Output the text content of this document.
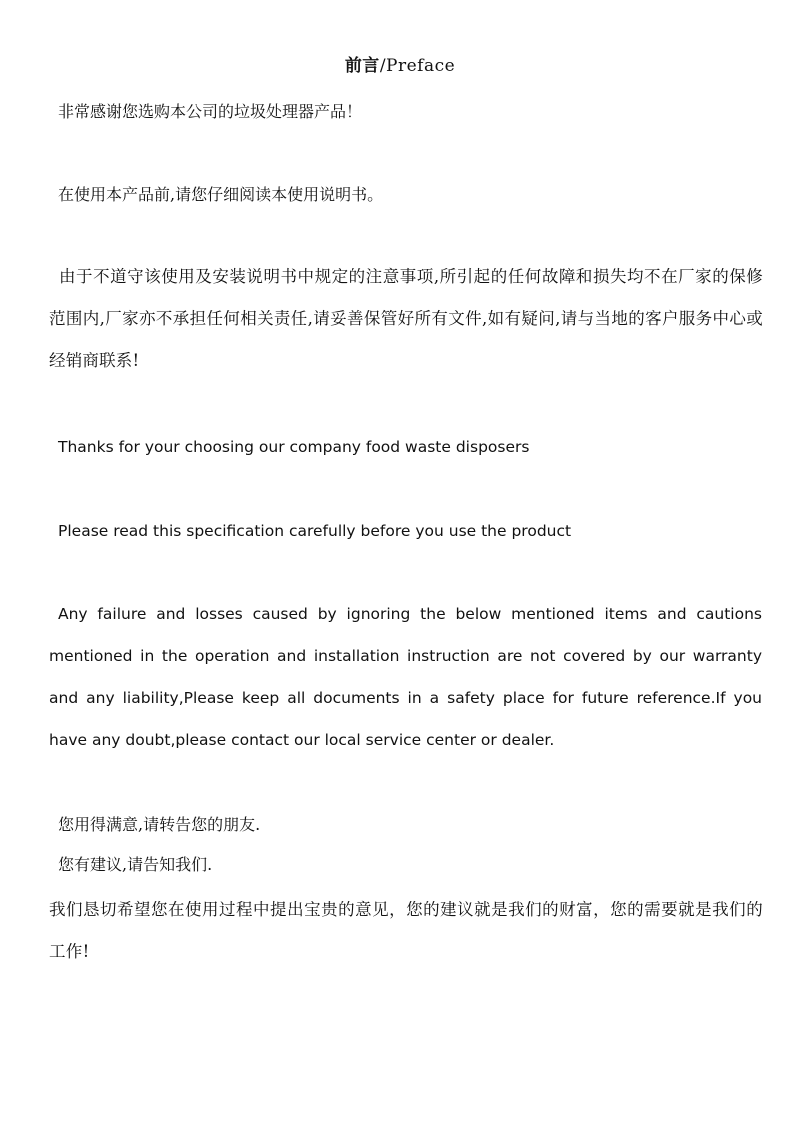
前言/Preface
非常感谢您选购本公司的垃圾处理器产品！
在使用本产品前,请您仔细阅读本使用说明书。
由于不道守该使用及安装说明书中规定的注意事项,所引起的任何故障和损失均不在厂家的保修范围内,厂家亦不承担任何相关责任,请妥善保管好所有文件,如有疑问,请与当地的客户服务中心或经销商联系!
Thanks for your choosing our company food waste disposers
Please read this specification carefully before you use the product
Any failure and losses caused by ignoring the below mentioned items and cautions mentioned in the operation and installation instruction are not covered by our warranty and any liability,Please keep all documents in a safety place for future reference.If you have any doubt,please contact our local service center or dealer.
您用得满意,请转告您的朋友.
您有建议,请告知我们.
我们恳切希望您在使用过程中提出宝贵的意见，您的建议就是我们的财富，您的需要就是我们的工作!
